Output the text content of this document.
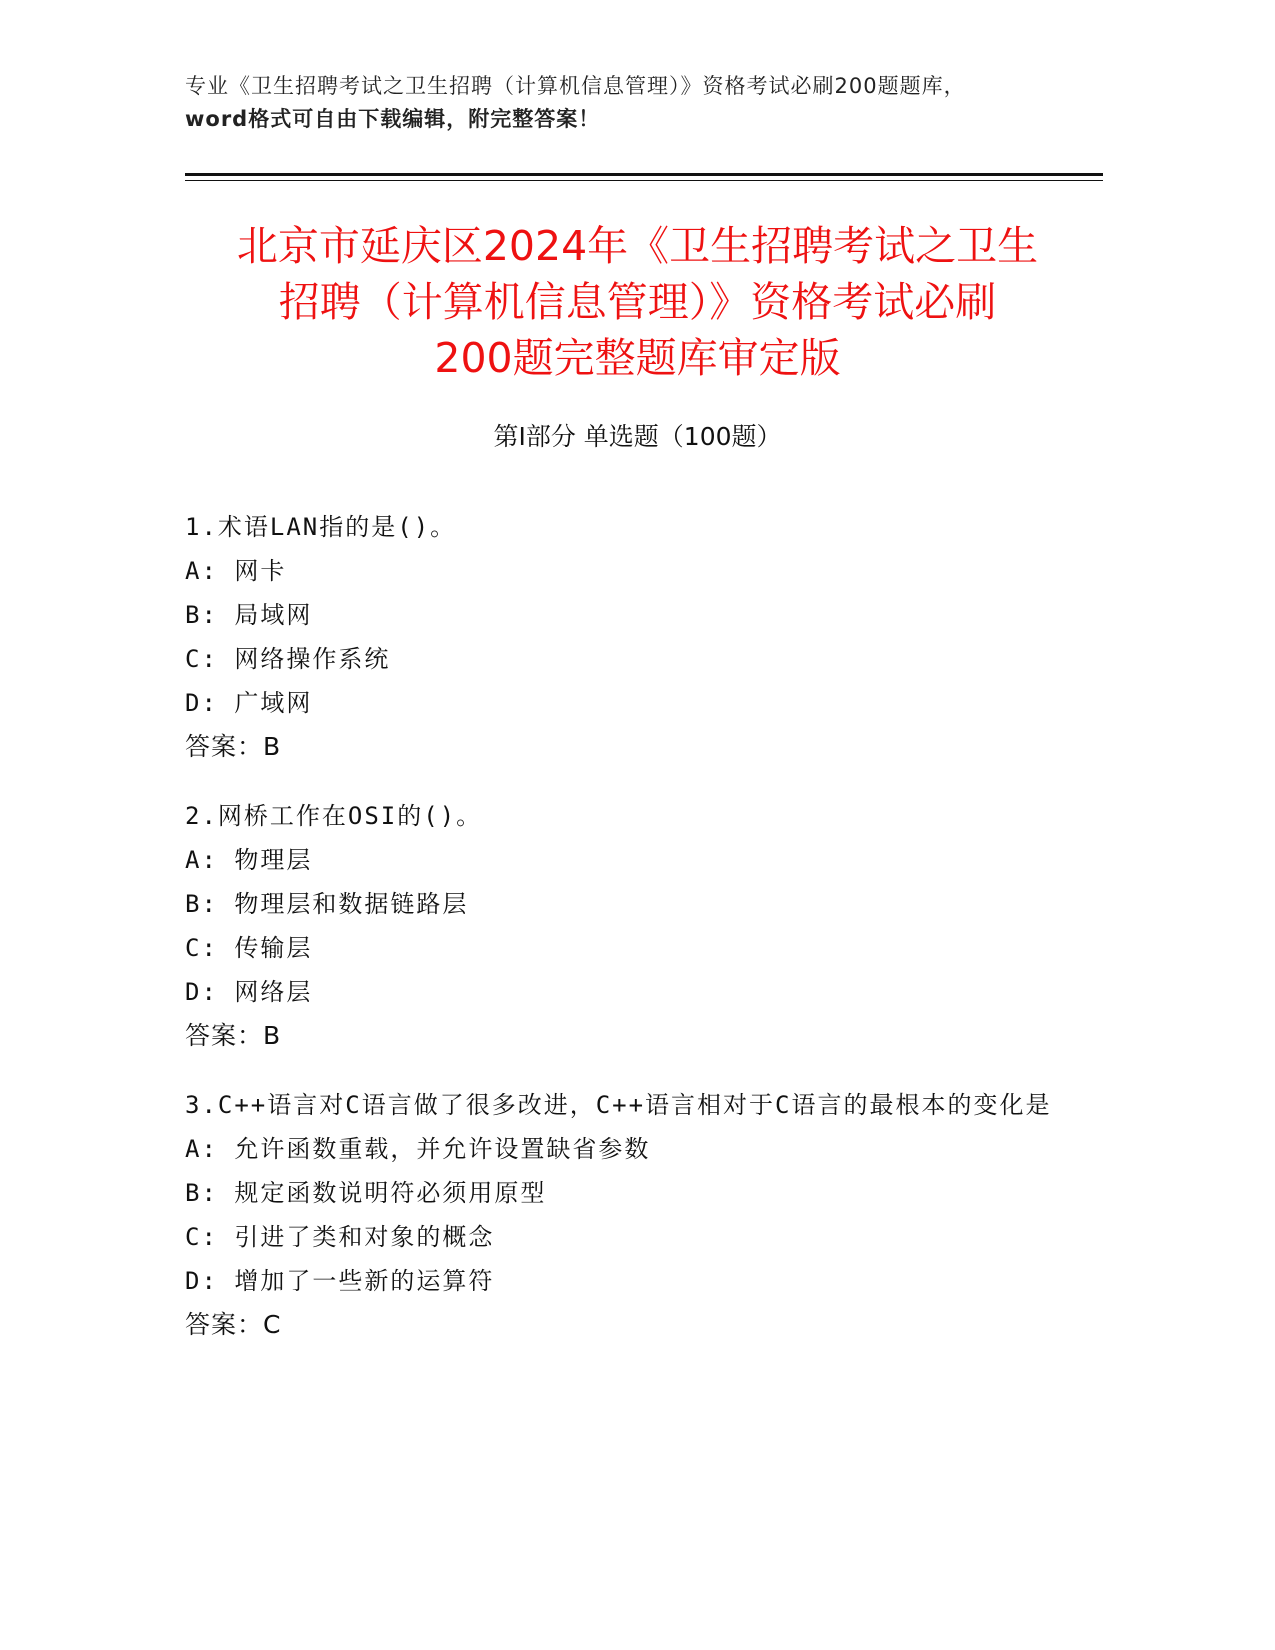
专业《卫生招聘考试之卫生招聘（计算机信息管理）》资格考试必刷200题题库，
word格式可自由下载编辑，附完整答案！
北京市延庆区2024年《卫生招聘考试之卫生
招聘（计算机信息管理）》资格考试必刷
200题完整题库审定版
第Ⅰ部分 单选题（100题）
1.术语LAN指的是()。
A: 网卡
B: 局域网
C: 网络操作系统
D: 广域网
答案：B
2.网桥工作在OSI的()。
A: 物理层
B: 物理层和数据链路层
C: 传输层
D: 网络层
答案：B
3.C++语言对C语言做了很多改进，C++语言相对于C语言的最根本的变化是
A: 允许函数重载，并允许设置缺省参数
B: 规定函数说明符必须用原型
C: 引进了类和对象的概念
D: 增加了一些新的运算符
答案：C
